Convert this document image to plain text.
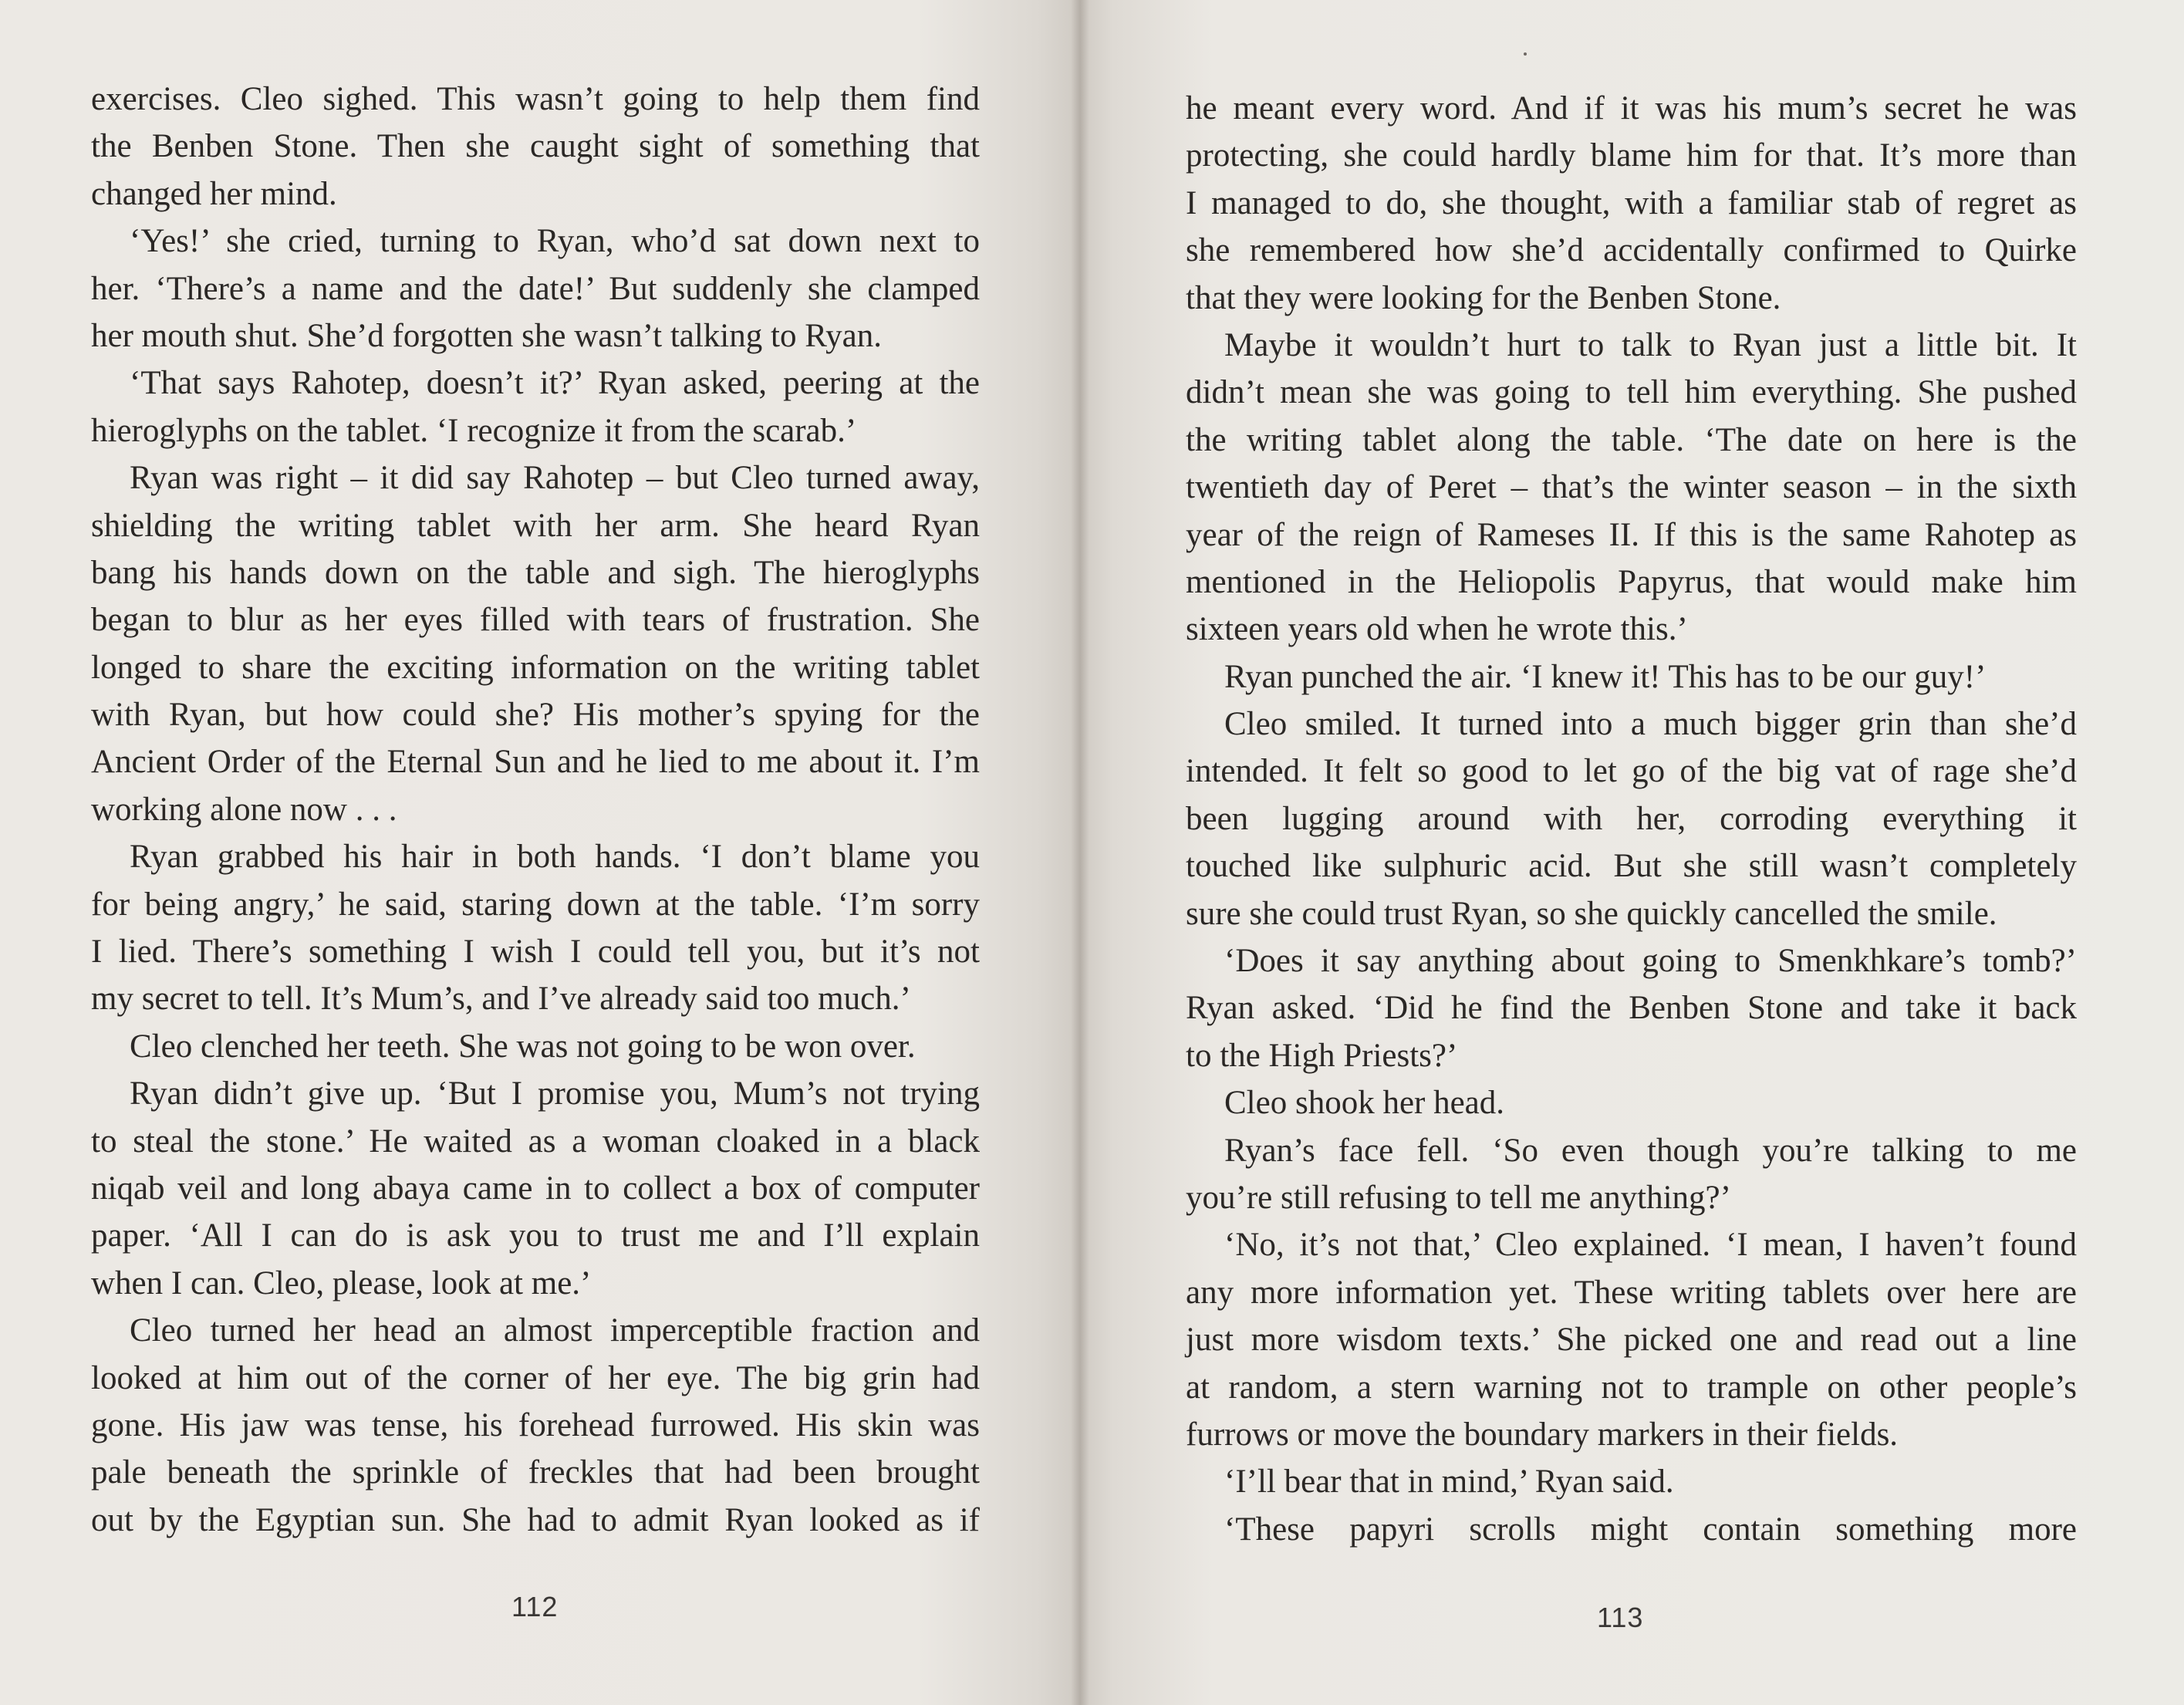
exercises. Cleo sighed. This wasn’t going to help them find
the Benben Stone. Then she caught sight of something that
changed her mind.
‘Yes!’ she cried, turning to Ryan, who’d sat down next to
her. ‘There’s a name and the date!’ But suddenly she clamped
her mouth shut. She’d forgotten she wasn’t talking to Ryan.
‘That says Rahotep, doesn’t it?’ Ryan asked, peering at the
hieroglyphs on the tablet. ‘I recognize it from the scarab.’
Ryan was right – it did say Rahotep – but Cleo turned away,
shielding the writing tablet with her arm. She heard Ryan
bang his hands down on the table and sigh. The hieroglyphs
began to blur as her eyes filled with tears of frustration. She
longed to share the exciting information on the writing tablet
with Ryan, but how could she? His mother’s spying for the
Ancient Order of the Eternal Sun and he lied to me about it. I’m
working alone now . . .
Ryan grabbed his hair in both hands. ‘I don’t blame you
for being angry,’ he said, staring down at the table. ‘I’m sorry
I lied. There’s something I wish I could tell you, but it’s not
my secret to tell. It’s Mum’s, and I’ve already said too much.’
Cleo clenched her teeth. She was not going to be won over.
Ryan didn’t give up. ‘But I promise you, Mum’s not trying
to steal the stone.’ He waited as a woman cloaked in a black
niqab veil and long abaya came in to collect a box of computer
paper. ‘All I can do is ask you to trust me and I’ll explain
when I can. Cleo, please, look at me.’
Cleo turned her head an almost imperceptible fraction and
looked at him out of the corner of her eye. The big grin had
gone. His jaw was tense, his forehead furrowed. His skin was
pale beneath the sprinkle of freckles that had been brought
out by the Egyptian sun. She had to admit Ryan looked as if
112
he meant every word. And if it was his mum’s secret he was
protecting, she could hardly blame him for that. It’s more than
I managed to do, she thought, with a familiar stab of regret as
she remembered how she’d accidentally confirmed to Quirke
that they were looking for the Benben Stone.
Maybe it wouldn’t hurt to talk to Ryan just a little bit. It
didn’t mean she was going to tell him everything. She pushed
the writing tablet along the table. ‘The date on here is the
twentieth day of Peret – that’s the winter season – in the sixth
year of the reign of Rameses II. If this is the same Rahotep as
mentioned in the Heliopolis Papyrus, that would make him
sixteen years old when he wrote this.’
Ryan punched the air. ‘I knew it! This has to be our guy!’
Cleo smiled. It turned into a much bigger grin than she’d
intended. It felt so good to let go of the big vat of rage she’d
been lugging around with her, corroding everything it
touched like sulphuric acid. But she still wasn’t completely
sure she could trust Ryan, so she quickly cancelled the smile.
‘Does it say anything about going to Smenkhkare’s tomb?’
Ryan asked. ‘Did he find the Benben Stone and take it back
to the High Priests?’
Cleo shook her head.
Ryan’s face fell. ‘So even though you’re talking to me
you’re still refusing to tell me anything?’
‘No, it’s not that,’ Cleo explained. ‘I mean, I haven’t found
any more information yet. These writing tablets over here are
just more wisdom texts.’ She picked one and read out a line
at random, a stern warning not to trample on other people’s
furrows or move the boundary markers in their fields.
‘I’ll bear that in mind,’ Ryan said.
‘These papyri scrolls might contain something more
113
